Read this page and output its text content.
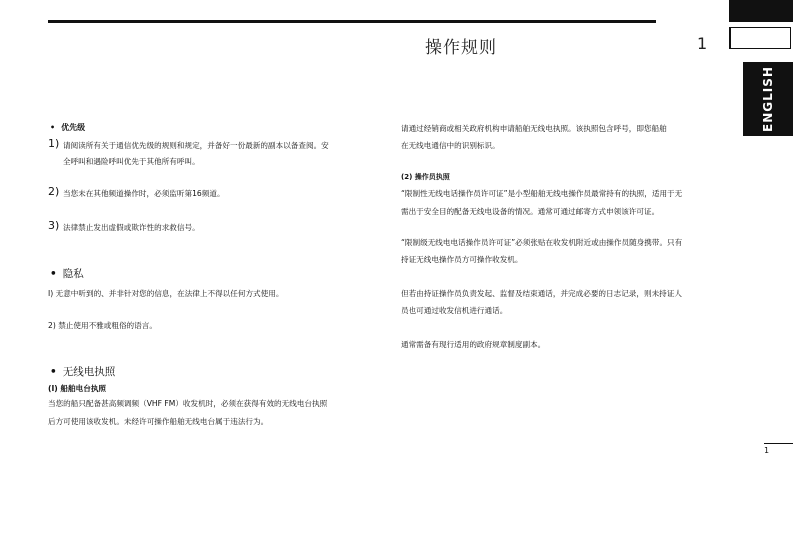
操作规则	1
ENGLISH
1
• 优先级
1) 请阅读所有关于通信优先级的规则和规定，并备好一份最新的副本以备查阅。安
全呼叫和遇险呼叫优先于其他所有呼叫。
2) 当您未在其他频道操作时，必须监听第16频道。
3) 法律禁止发出虚假或欺诈性的求救信号。
• 隐私
I) 无意中听到的、并非针对您的信息，在法律上不得以任何方式使用。
2) 禁止使用不雅或粗俗的语言。
• 无线电执照
(I) 船舶电台执照
当您的船只配备甚高频调频（VHF FM）收发机时，必须在获得有效的无线电台执照
后方可使用该收发机。未经许可操作船舶无线电台属于违法行为。
请通过经销商或相关政府机构申请船舶无线电执照。该执照包含呼号，即您船舶
在无线电通信中的识别标识。
(2) 操作员执照
“限制性无线电话操作员许可证”是小型船舶无线电操作员最常持有的执照，适用于无
需出于安全目的配备无线电设备的情况。通常可通过邮寄方式申领该许可证。
“限制级无线电电话操作员许可证”必须张贴在收发机附近或由操作员随身携带。只有
持证无线电操作员方可操作收发机。
但若由持证操作员负责发起、监督及结束通话，并完成必要的日志记录，则未持证人
员也可通过收发信机进行通话。
通常需备有现行适用的政府规章制度副本。
